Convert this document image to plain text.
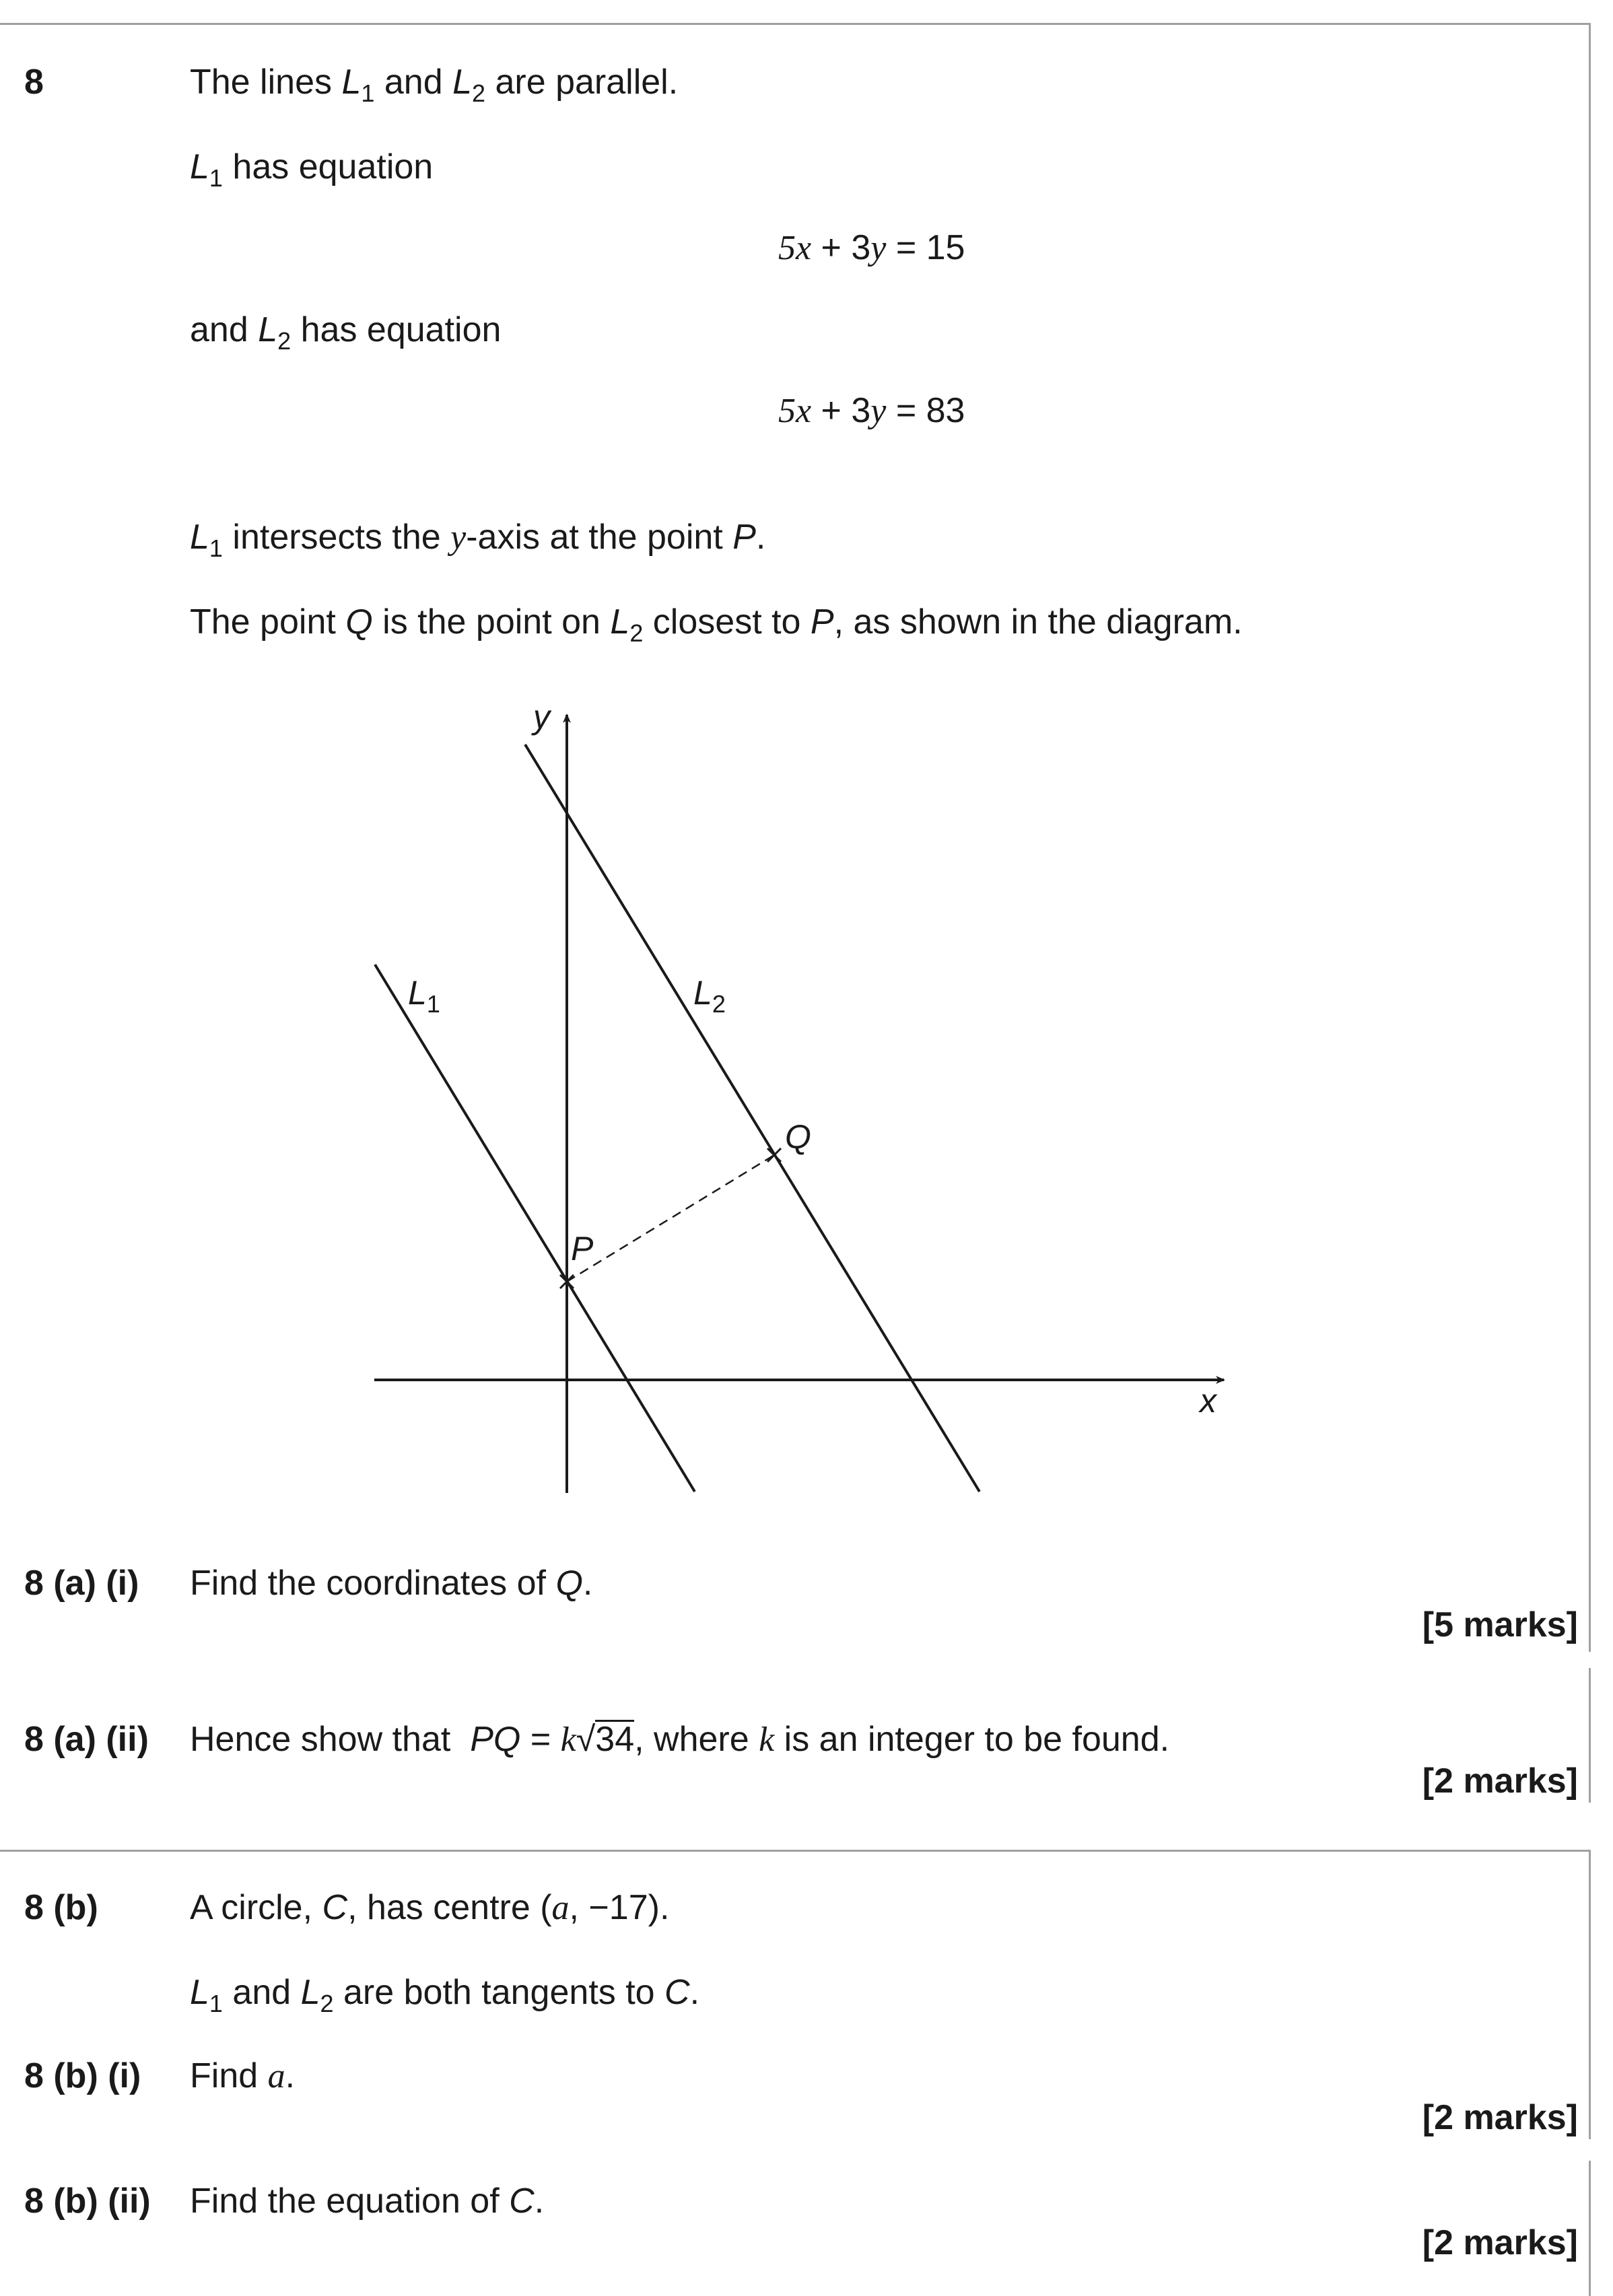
8	The lines $L_1$ and $L_2$ are parallel.
$L_1$ has equation
5x + 3y = 15
and $L_2$ has equation
5x + 3y = 83
$L_1$ intersects the y-axis at the point P.
The point Q is the point on $L_2$ closest to P, as shown in the diagram.
y
x
$L_1$	$L_2$
P
Q
8 (a) (i) Find the coordinates of Q.
[5 marks]
8 (a) (ii) Hence show that PQ = k√34, where k is an integer to be found.
[2 marks]
8 (b)	A circle, C, has centre (a, −17).
$L_1$ and $L_2$ are both tangents to C.
8 (b) (i) Find a.
[2 marks]
8 (b) (ii) Find the equation of C.
[2 marks]
